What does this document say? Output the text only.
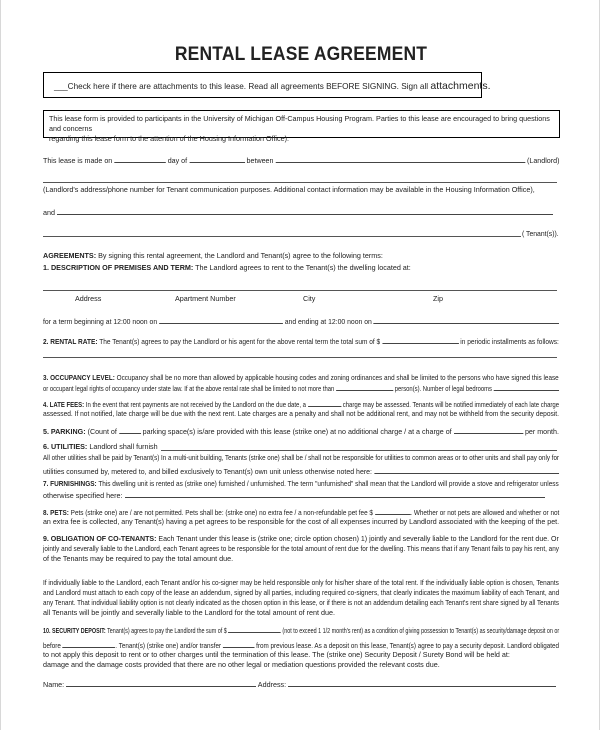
RENTAL LEASE AGREEMENT
___Check here if there are attachments to this lease. Read all agreements BEFORE SIGNING. Sign all attachments.
This lease form is provided to participants in the University of Michigan Off-Campus Housing Program. Parties to this lease are encouraged to bring questions and concerns
regarding this lease form to the attention of the Housing Information Office).
This lease is made on	day of	between	(Landlord)
(Landlord's address/phone number for Tenant communication purposes. Additional contact information may be available in the Housing Information Office),
and
( Tenant(s)).
AGREEMENTS: By signing this rental agreement, the Landlord and Tenant(s) agree to the following terms:
1. DESCRIPTION OF PREMISES AND TERM: The Landlord agrees to rent to the Tenant(s) the dwelling located at:
Address	Apartment Number	City	Zip
for a term beginning at 12:00 noon on	and ending at 12:00 noon on
2. RENTAL RATE: The Tenant(s) agrees to pay the Landlord or his agent for the above rental term the total sum of $	in periodic installments as follows:
3. OCCUPANCY LEVEL: Occupancy shall be no more than allowed by applicable housing codes and zoning ordinances and shall be limited to the persons who have signed this lease
or occupant legal rights of occupancy under state law. If at the above rental rate shall be limited to not more than	person(s). Number of legal bedrooms
4. LATE FEES: In the event that rent payments are not received by the Landlord on the due date, a	charge may be assessed. Tenants will be notified immediately of each late charge
assessed. If not notified, late charge will be due with the next rent. Late charges are a penalty and shall not be additional rent, and may not be withheld from the security deposit.
5. PARKING: (Count of	parking space(s) is/are provided with this lease (strike one) at no additional charge / at a charge of	per month.
6. UTILITIES: Landlord shall furnish
All other utilities shall be paid by Tenant(s) In a multi-unit building, Tenants (strike one) shall be / shall not be responsible for utilities to common areas or to other units and shall pay only for
utilities consumed by, metered to, and billed exclusively to Tenant(s) own unit unless otherwise noted here:
7. FURNISHINGS: This dwelling unit is rented as (strike one) furnished / unfurnished. The term "unfurnished" shall mean that the Landlord will provide a stove and refrigerator unless
otherwise specified here:
8. PETS: Pets (strike one) are / are not permitted. Pets shall be: (strike one) no extra fee / a non-refundable pet fee $	. Whether or not pets are allowed and whether or not
an extra fee is collected, any Tenant(s) having a pet agrees to be responsible for the cost of all expenses incurred by Landlord associated with the keeping of the pet.
9. OBLIGATION OF CO-TENANTS: Each Tenant under this lease is (strike one; circle option chosen) 1) jointly and severally liable to the Landlord for the rent due. Or
jointly and severally liable to the Landlord, each Tenant agrees to be responsible for the total amount of rent due for the dwelling. This means that if any Tenant fails to pay his rent, any
of the Tenants may be required to pay the total amount due.
If individually liable to the Landlord, each Tenant and/or his co-signer may be held responsible only for his/her share of the total rent. If the individually liable option is chosen, Tenants
and Landlord must attach to each copy of the lease an addendum, signed by all parties, including required co-signers, that clearly indicates the maximum liability of each Tenant, and
any Tenant. That individual liability option is not clearly indicated as the chosen option in this lease, or if there is not an addendum detailing each Tenant's rent share signed by all Tenants
all Tenants will be jointly and severally liable to the Landlord for the total amount of rent due.
10. SECURITY DEPOSIT: Tenant(s) agrees to pay the Landlord the sum of $	(not to exceed 1 1/2 month's rent) as a condition of giving possession to Tenant(s) as security/damage deposit on or
before	. Tenant(s) (strike one) and/or transfer	from previous lease. As a deposit on this lease, Tenant(s) agree to pay a security deposit. Landlord obligated
to not apply this deposit to rent or to other charges until the termination of this lease. The (strike one) Security Deposit / Surety Bond will be held at:
damage and the damage costs provided that there are no other legal or mediation questions provided the relevant costs due.
Name:	Address:
